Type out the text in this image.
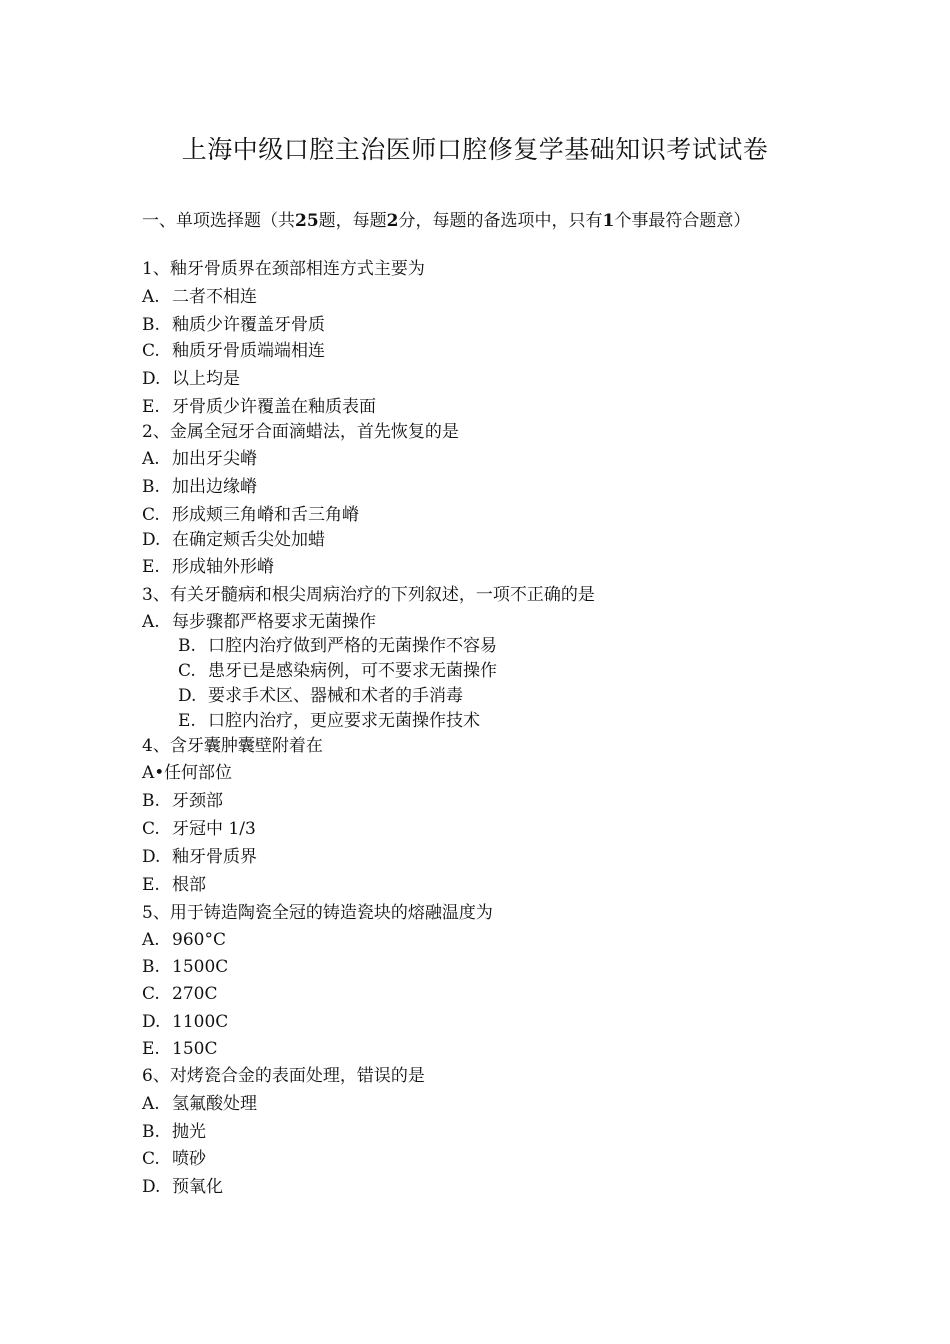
上海中级口腔主治医师口腔修复学基础知识考试试卷
一、单项选择题（共25题，每题2分，每题的备选项中，只有1个事最符合题意）
1、釉牙骨质界在颈部相连方式主要为
A. 二者不相连
B. 釉质少许覆盖牙骨质
C. 釉质牙骨质端端相连
D. 以上均是
E. 牙骨质少许覆盖在釉质表面
2、金属全冠牙合面滴蜡法，首先恢复的是
A. 加出牙尖嵴
B. 加出边缘嵴
C. 形成颊三角嵴和舌三角嵴
D. 在确定颊舌尖处加蜡
E. 形成轴外形嵴
3、有关牙髓病和根尖周病治疗的下列叙述，一项不正确的是
A. 每步骤都严格要求无菌操作
B. 口腔内治疗做到严格的无菌操作不容易
C. 患牙已是感染病例，可不要求无菌操作
D. 要求手术区、器械和术者的手消毒
E. 口腔内治疗，更应要求无菌操作技术
4、含牙囊肿囊壁附着在
A•任何部位
B. 牙颈部
C. 牙冠中 1/3
D. 釉牙骨质界
E. 根部
5、用于铸造陶瓷全冠的铸造瓷块的熔融温度为
A. 960°C
B. 1500C
C. 270C
D. 1100C
E. 150C
6、对烤瓷合金的表面处理，错误的是
A. 氢氟酸处理
B. 抛光
C. 喷砂
D. 预氧化
